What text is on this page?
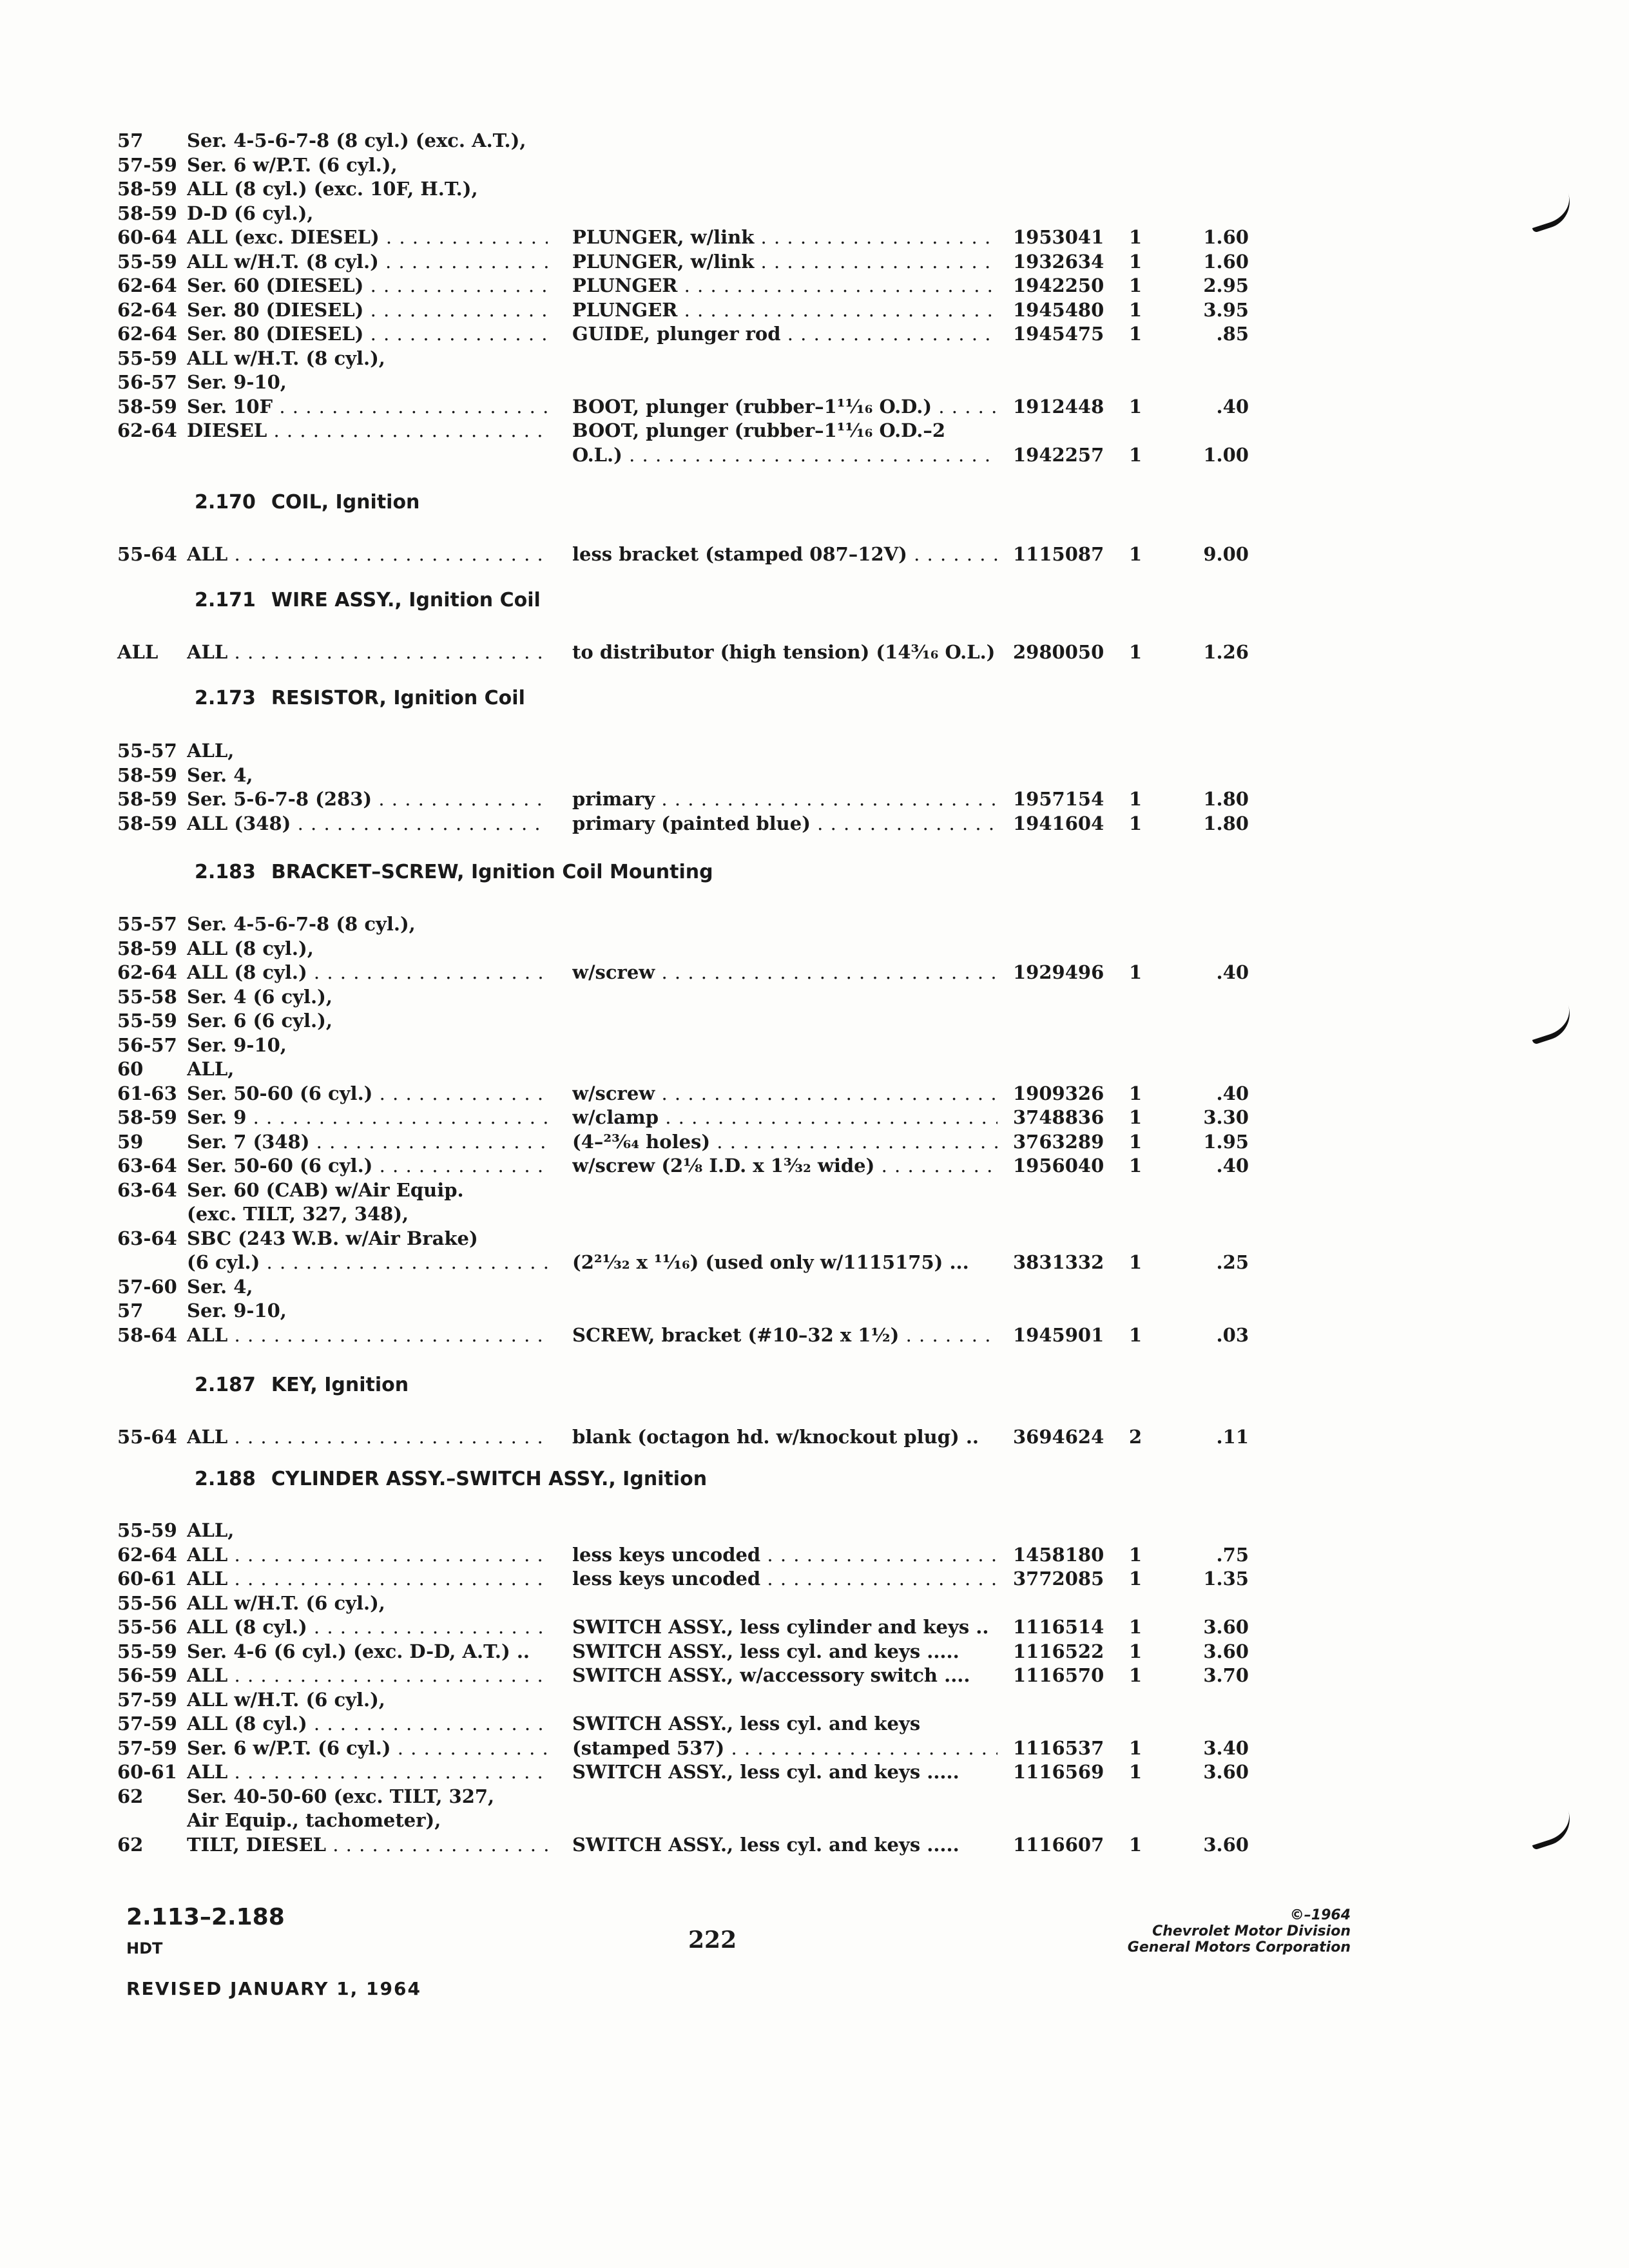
57 Ser. 4-5-6-7-8 (8 cyl.) (exc. A.T.),
57-59 Ser. 6 w/P.T. (6 cyl.),
58-59 ALL (8 cyl.) (exc. 10F, H.T.),
58-59 D-D (6 cyl.),
60-64 ALL (exc. DIESEL) . . .	PLUNGER, w/link . . .	1953041 1	1.60
55-59 ALL w/H.T. (8 cyl.) . . .	PLUNGER, w/link . . .	1932634 1	1.60
62-64 Ser. 60 (DIESEL) . . .	PLUNGER . . .	1942250 1	2.95
62-64 Ser. 80 (DIESEL) . . .	PLUNGER . . .	1945480 1	3.95
62-64 Ser. 80 (DIESEL) . . .	GUIDE, plunger rod . . .	1945475 1	.85
55-59 ALL w/H.T. (8 cyl.),
56-57 Ser. 9-10,
58-59 Ser. 10F . . .	BOOT, plunger (rubber–1¹¹⁄₁₆ O.D.) . . .	1912448 1	.40
62-64 DIESEL . . .	BOOT, plunger (rubber–1¹¹⁄₁₆ O.D.–2
O.L.) . . .	1942257 1	1.00
2.170 COIL, Ignition
55-64 ALL . . .	less bracket (stamped 087–12V) . . .	1115087 1	9.00
2.171 WIRE ASSY., Ignition Coil
ALL ALL . . .	to distributor (high tension) (14³⁄₁₆ O.L.) 2980050 1	1.26
2.173 RESISTOR, Ignition Coil
55-57 ALL,
58-59 Ser. 4,
58-59 Ser. 5-6-7-8 (283) . . .	primary . . .	1957154 1	1.80
58-59 ALL (348) . . .	primary (painted blue) . . .	1941604 1	1.80
2.183 BRACKET–SCREW, Ignition Coil Mounting
55-57 Ser. 4-5-6-7-8 (8 cyl.),
58-59 ALL (8 cyl.),
62-64 ALL (8 cyl.) . . .	w/screw . . .	1929496 1	.40
55-58 Ser. 4 (6 cyl.),
55-59 Ser. 6 (6 cyl.),
56-57 Ser. 9-10,
60 ALL,
61-63 Ser. 50-60 (6 cyl.) . . .	w/screw . . .	1909326 1	.40
58-59 Ser. 9 . . .	w/clamp . . .	3748836 1	3.30
59 Ser. 7 (348) . . .	(4–²³⁄₆₄ holes) . . .	3763289 1	1.95
63-64 Ser. 50-60 (6 cyl.) . . .	w/screw (2⅛ I.D. x 1³⁄₃₂ wide) . . .	1956040 1	.40
63-64 Ser. 60 (CAB) w/Air Equip.
(exc. TILT, 327, 348),
63-64 SBC (243 W.B. w/Air Brake)
(6 cyl.) . . .	(2²¹⁄₃₂ x ¹¹⁄₁₆) (used only w/1115175) ...	3831332 1	.25
57-60 Ser. 4,
57 Ser. 9-10,
58-64 ALL . . .	SCREW, bracket (#10–32 x 1½) . . .	1945901 1	.03
2.187 KEY, Ignition
55-64 ALL . . .	blank (octagon hd. w/knockout plug) ..	3694624 2	.11
2.188 CYLINDER ASSY.–SWITCH ASSY., Ignition
55-59 ALL,
62-64 ALL . . .	less keys uncoded . . .	1458180 1	.75
60-61 ALL . . .	less keys uncoded . . .	3772085 1	1.35
55-56 ALL w/H.T. (6 cyl.),
55-56 ALL (8 cyl.) . . .	SWITCH ASSY., less cylinder and keys ..	1116514 1	3.60
55-59 Ser. 4-6 (6 cyl.) (exc. D-D, A.T.) ..	SWITCH ASSY., less cyl. and keys .....	1116522 1	3.60
56-59 ALL . . .	SWITCH ASSY., w/accessory switch ....	1116570 1	3.70
57-59 ALL w/H.T. (6 cyl.),
57-59 ALL (8 cyl.) . . .	SWITCH ASSY., less cyl. and keys
57-59 Ser. 6 w/P.T. (6 cyl.) . . .	(stamped 537) . . .	1116537 1	3.40
60-61 ALL . . .	SWITCH ASSY., less cyl. and keys .....	1116569 1	3.60
62 Ser. 40-50-60 (exc. TILT, 327,
Air Equip., tachometer),
62 TILT, DIESEL . . .	SWITCH ASSY., less cyl. and keys .....	1116607 1	3.60
2.113–2.188
HDT
REVISED JANUARY 1, 1964
222
©–1964
Chevrolet Motor Division
General Motors Corporation
